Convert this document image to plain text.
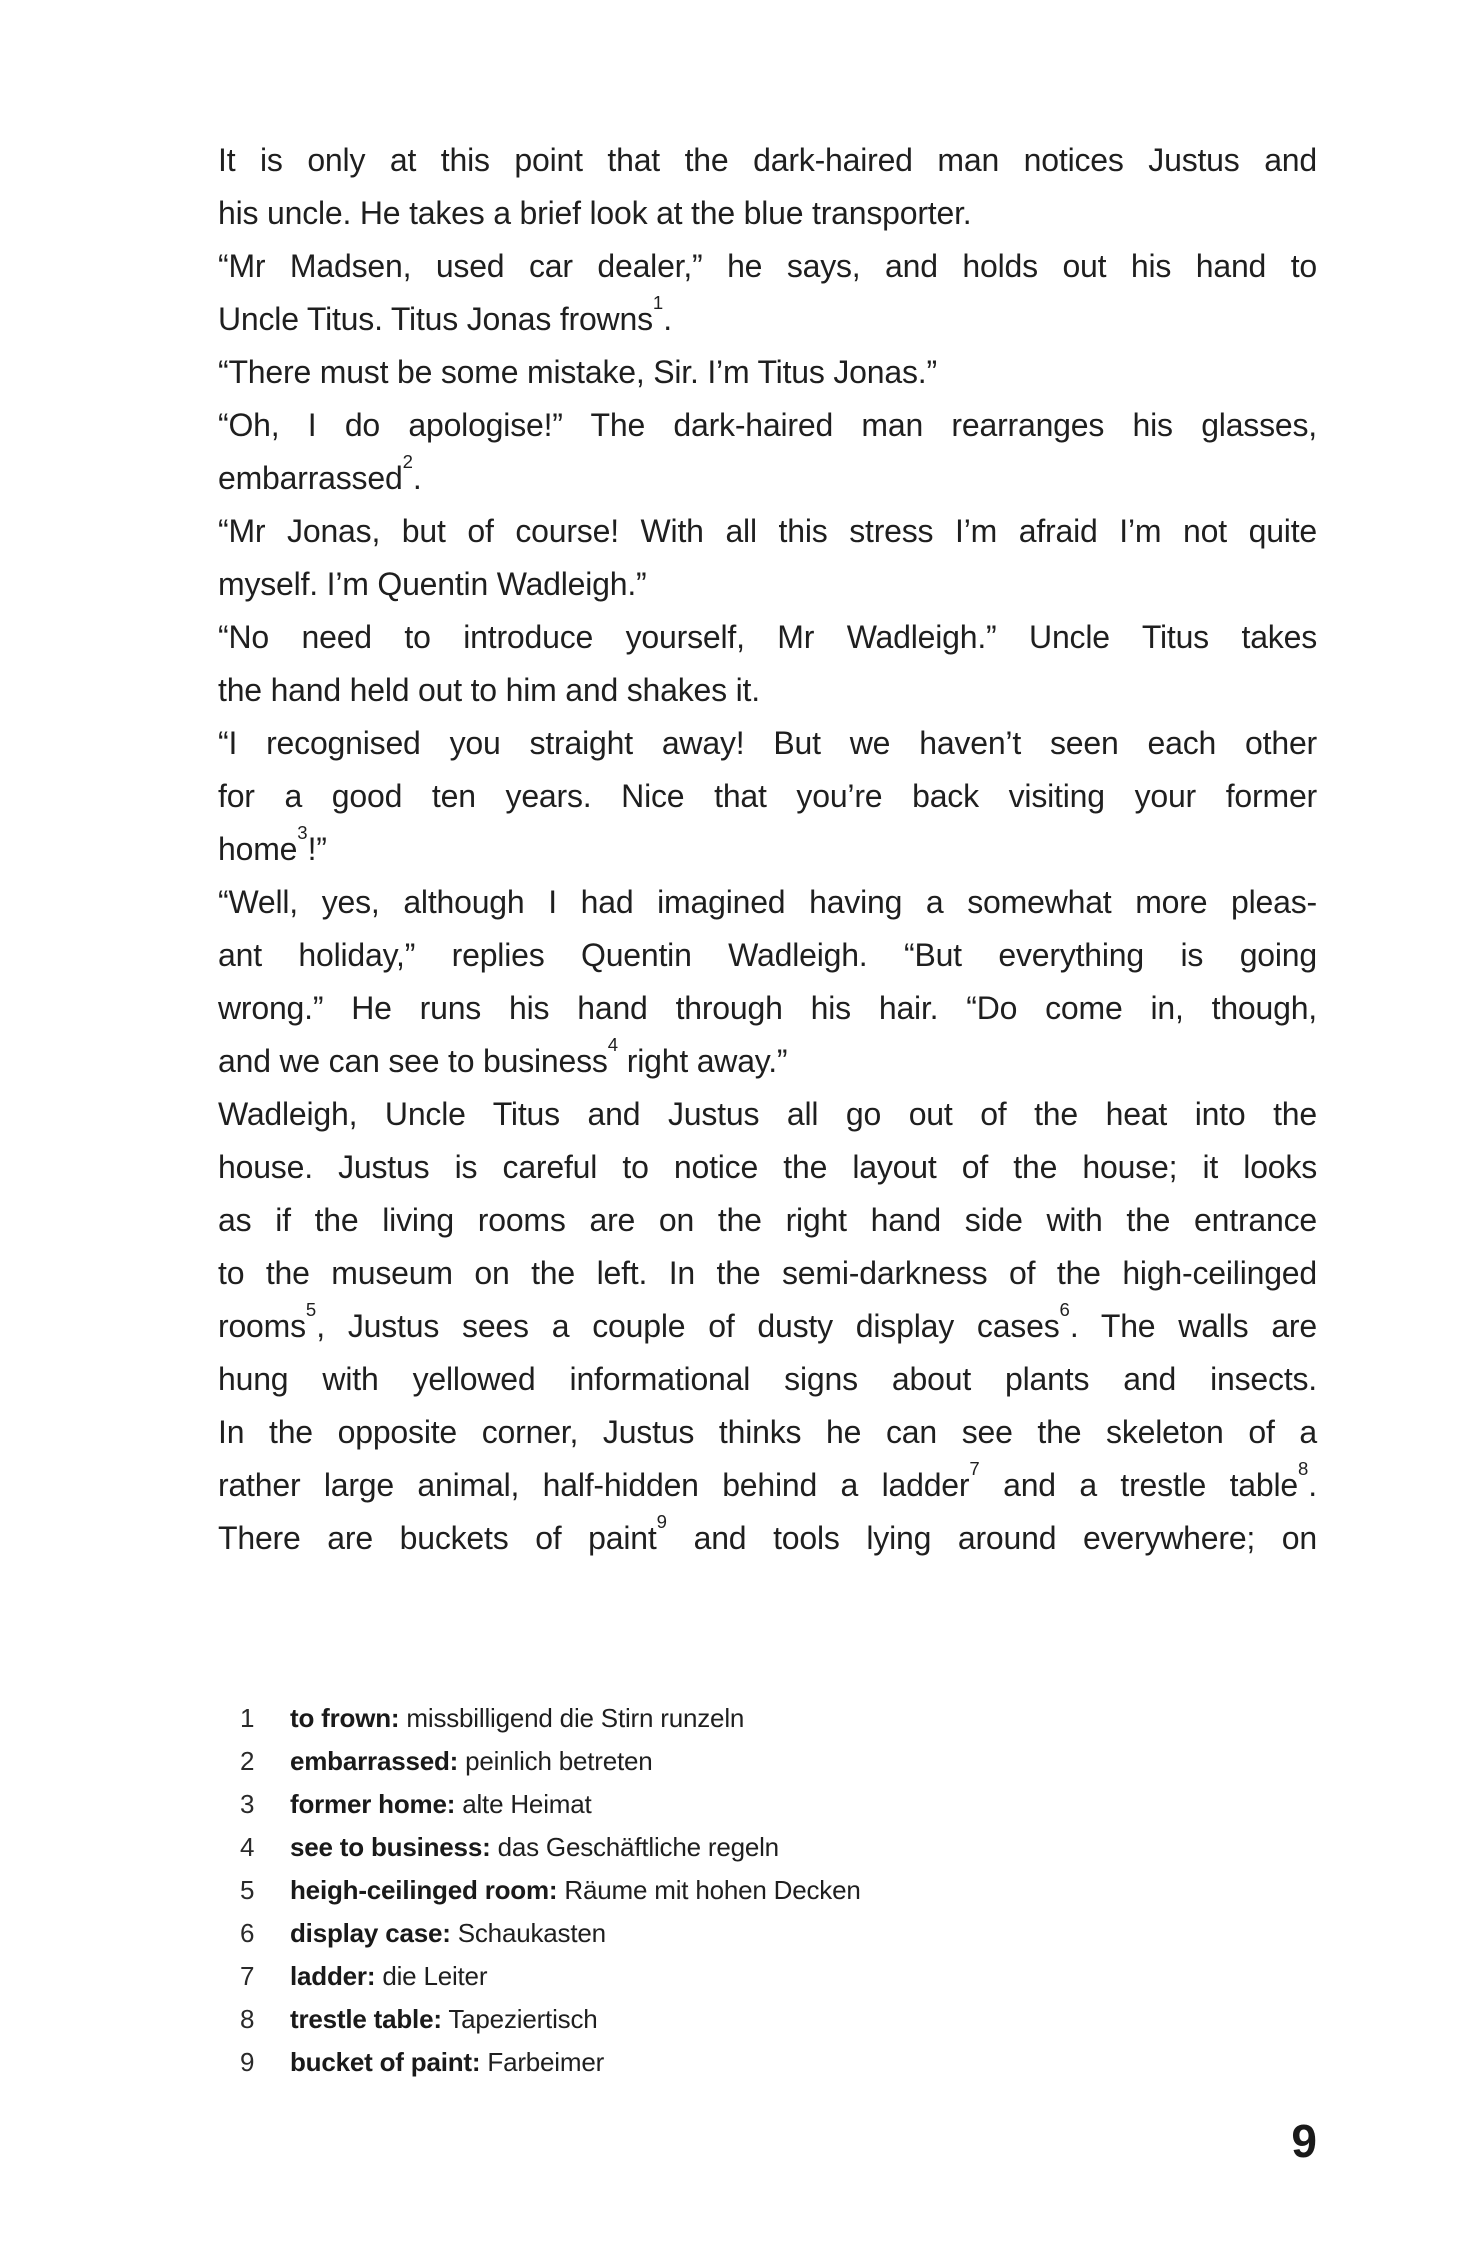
It is only at this point that the dark-haired man notices Justus and
his uncle. He takes a brief look at the blue transporter.
“Mr Madsen, used car dealer,” he says, and holds out his hand to
Uncle Titus. Titus Jonas frowns$^1$.
“There must be some mistake, Sir. I’m Titus Jonas.”
“Oh, I do apologise!” The dark-haired man rearranges his glasses,
embarrassed$^2$.
“Mr Jonas, but of course! With all this stress I’m afraid I’m not quite
myself. I’m Quentin Wadleigh.”
“No need to introduce yourself, Mr Wadleigh.” Uncle Titus takes
the hand held out to him and shakes it.
“I recognised you straight away! But we haven’t seen each other
for a good ten years. Nice that you’re back visiting your former
home$^3$!”
“Well, yes, although I had imagined having a somewhat more pleas-
ant holiday,” replies Quentin Wadleigh. “But everything is going
wrong.” He runs his hand through his hair. “Do come in, though,
and we can see to business$^4$ right away.”
Wadleigh, Uncle Titus and Justus all go out of the heat into the
house. Justus is careful to notice the layout of the house; it looks
as if the living rooms are on the right hand side with the entrance
to the museum on the left. In the semi-darkness of the high-ceilinged
rooms$^5$, Justus sees a couple of dusty display cases$^6$. The walls are
hung with yellowed informational signs about plants and insects.
In the opposite corner, Justus thinks he can see the skeleton of a
rather large animal, half-hidden behind a ladder$^7$ and a trestle table$^8$.
There are buckets of paint$^9$ and tools lying around everywhere; on
1 to frown: missbilligend die Stirn runzeln
2 embarrassed: peinlich betreten
3 former home: alte Heimat
4 see to business: das Geschäftliche regeln
5 heigh-ceilinged room: Räume mit hohen Decken
6 display case: Schaukasten
7 ladder: die Leiter
8 trestle table: Tapeziertisch
9 bucket of paint: Farbeimer
9
